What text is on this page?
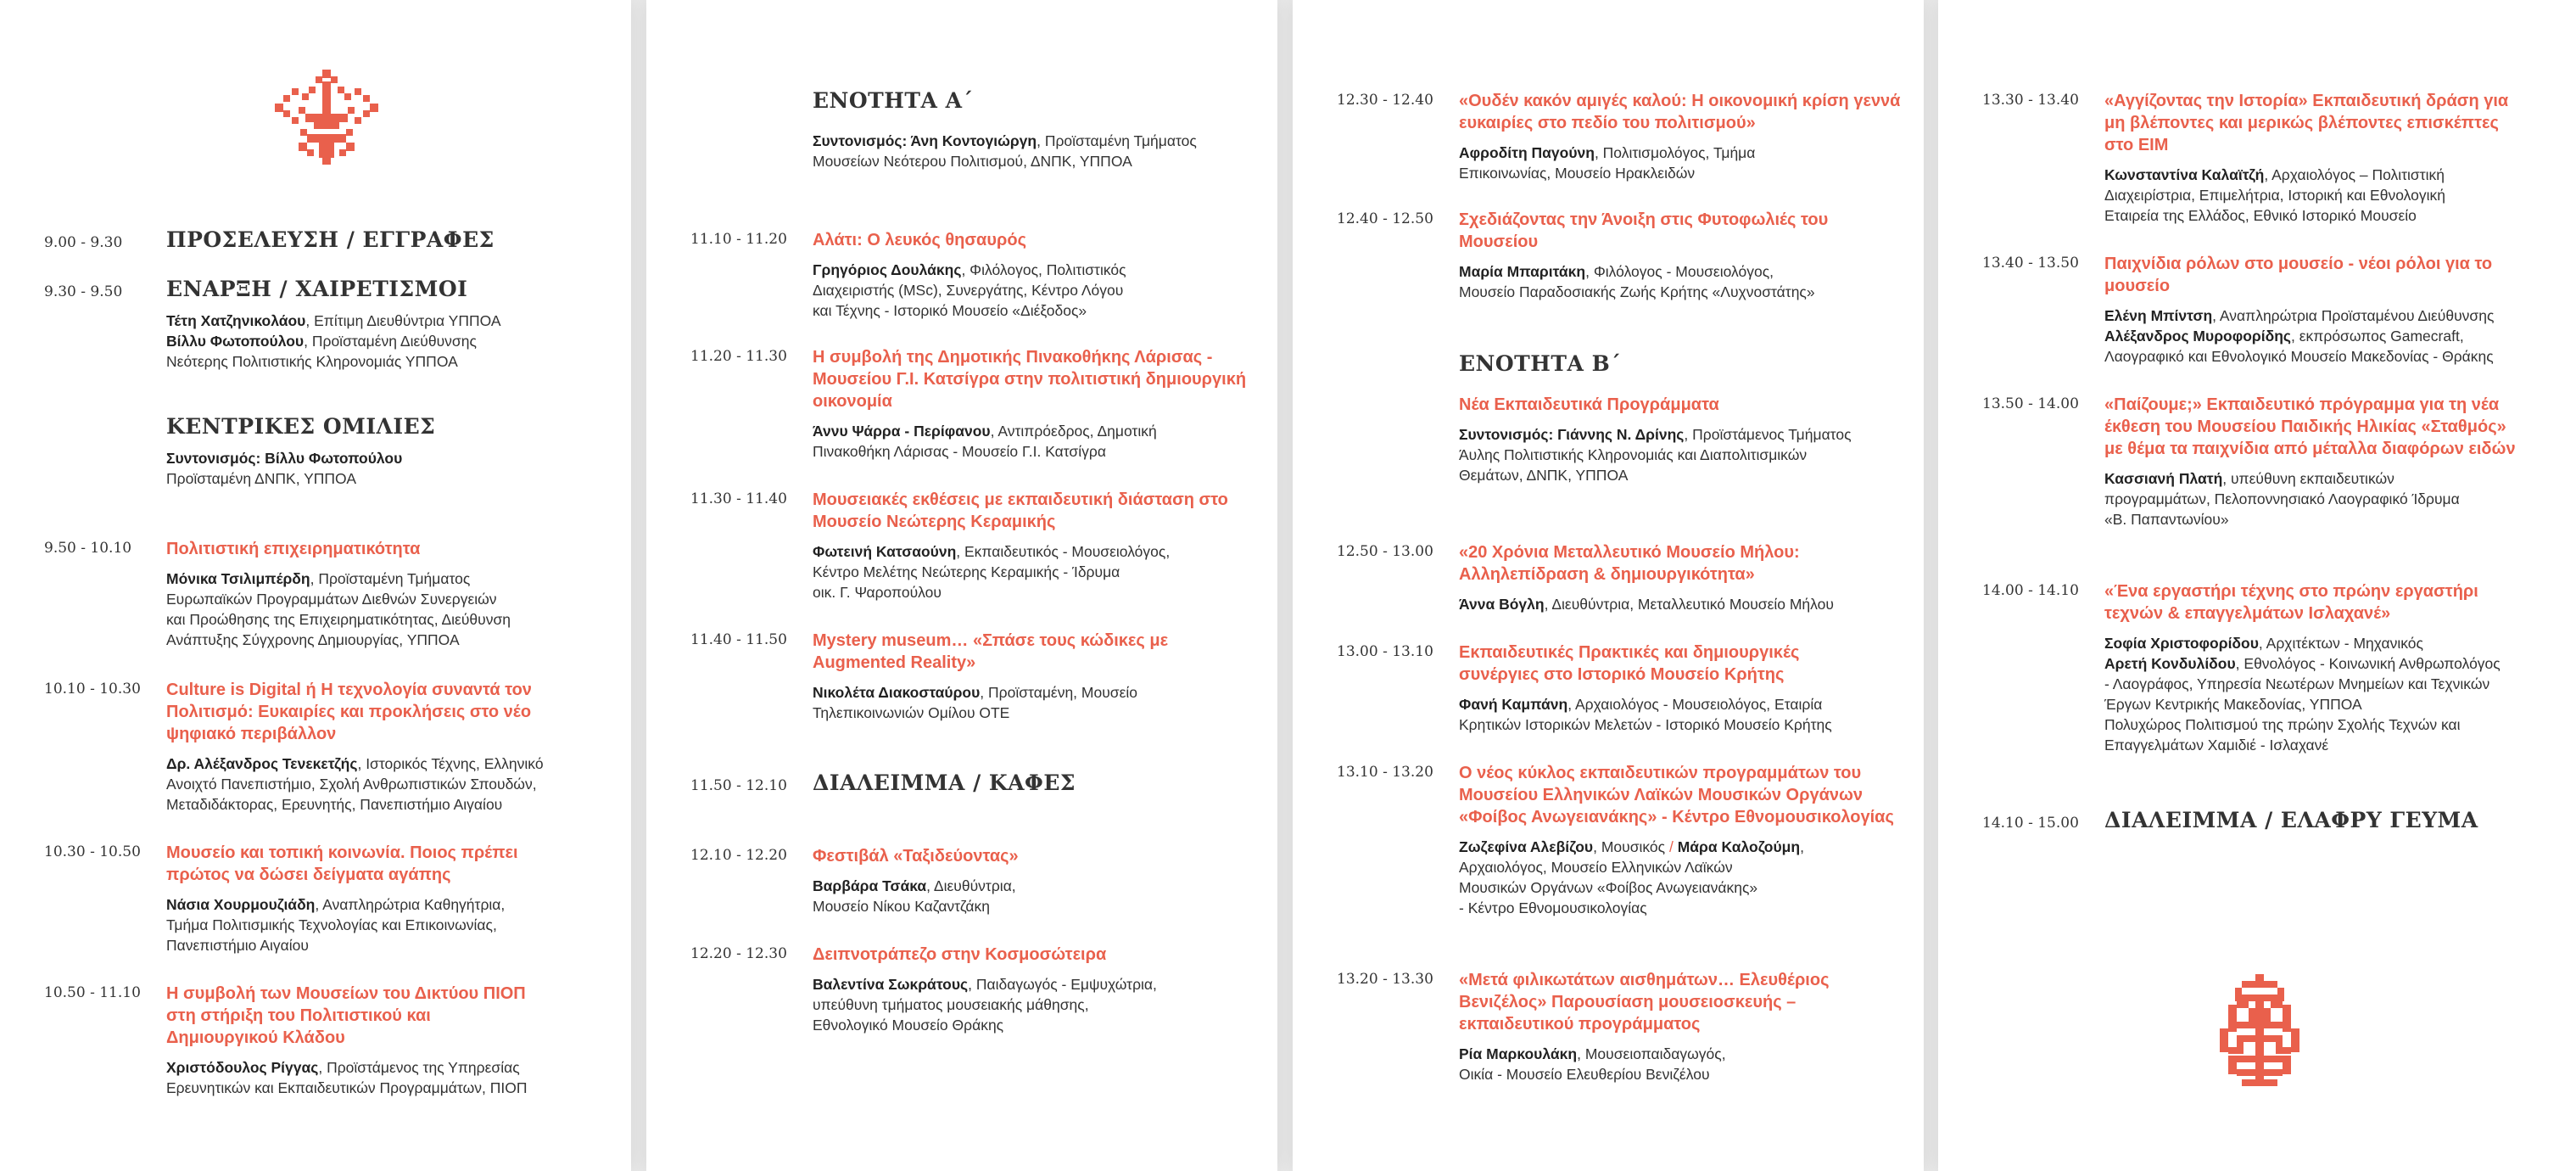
9.00 - 9.30	ΠΡΟΣΕΛΕΥΣΗ / ΕΓΓΡΑΦΕΣ
9.30 - 9.50	ΕΝΑΡΞΗ / ΧΑΙΡΕΤΙΣΜΟΙ

Τέτη Χατζηνικολάου, Επίτιμη Διευθύντρια ΥΠΠΟΑ
Βίλλυ Φωτοπούλου, Προϊσταμένη Διεύθυνσης
Νεότερης Πολιτιστικής Κληρονομιάς ΥΠΠΟΑ

ΚΕΝΤΡΙΚΕΣ ΟΜΙΛΙΕΣ

Συντονισμός: Βίλλυ Φωτοπούλου
Προϊσταμένη ΔΝΠΚ, ΥΠΠΟΑ

9.50 - 10.10	Πολιτιστική επιχειρηματικότητα

Μόνικα Τσιλιμπέρδη, Προϊσταμένη Τμήματος
Ευρωπαϊκών Προγραμμάτων Διεθνών Συνεργειών
και Προώθησης της Επιχειρηματικότητας, Διεύθυνση
Ανάπτυξης Σύγχρονης Δημιουργίας, ΥΠΠΟΑ

10.10 - 10.30	Culture is Digital ή Η τεχνολογία συναντά τον Πολιτισμό: Ευκαιρίες και προκλήσεις στο νέο ψηφιακό περιβάλλον

Δρ. Αλέξανδρος Τενεκετζής, Ιστορικός Τέχνης, Ελληνικό
Ανοιχτό Πανεπιστήμιο, Σχολή Ανθρωπιστικών Σπουδών,
Μεταδιδάκτορας, Ερευνητής, Πανεπιστήμιο Αιγαίου

10.30 - 10.50	Μουσείο και τοπική κοινωνία. Ποιος πρέπει πρώτος να δώσει δείγματα αγάπης

Νάσια Χουρμουζιάδη, Αναπληρώτρια Καθηγήτρια,
Τμήμα Πολιτισμικής Τεχνολογίας και Επικοινωνίας,
Πανεπιστήμιο Αιγαίου

10.50 - 11.10	Η συμβολή των Μουσείων του Δικτύου ΠΙΟΠ στη στήριξη του Πολιτιστικού και Δημιουργικού Κλάδου

Χριστόδουλος Ρίγγας, Προϊστάμενος της Υπηρεσίας
Ερευνητικών και Εκπαιδευτικών Προγραμμάτων, ΠΙΟΠ

ΕΝΟΤΗΤΑ Α΄

Συντονισμός: Άνη Κοντογιώργη, Προϊσταμένη Τμήματος
Μουσείων Νεότερου Πολιτισμού, ΔΝΠΚ, ΥΠΠΟΑ

11.10 - 11.20	Αλάτι: Ο λευκός θησαυρός

Γρηγόριος Δουλάκης, Φιλόλογος, Πολιτιστικός
Διαχειριστής (MSc), Συνεργάτης, Κέντρο Λόγου
και Τέχνης - Ιστορικό Μουσείο «Διέξοδος»

11.20 - 11.30	Η συμβολή της Δημοτικής Πινακοθήκης Λάρισας - Μουσείου Γ.Ι. Κατσίγρα στην πολιτιστική δημιουργική οικονομία

Άννυ Ψάρρα - Περίφανου, Αντιπρόεδρος, Δημοτική
Πινακοθήκη Λάρισας - Μουσείο Γ.Ι. Κατσίγρα

11.30 - 11.40	Μουσειακές εκθέσεις με εκπαιδευτική διάσταση στο Μουσείο Νεώτερης Κεραμικής

Φωτεινή Κατσαούνη, Εκπαιδευτικός - Μουσειολόγος,
Κέντρο Μελέτης Νεώτερης Κεραμικής - Ίδρυμα
οικ. Γ. Ψαροπούλου

11.40 - 11.50	Mystery museum… «Σπάσε τους κώδικες με Augmented Reality»

Νικολέτα Διακοσταύρου, Προϊσταμένη, Μουσείο
Τηλεπικοινωνιών Ομίλου ΟΤΕ

11.50 - 12.10	ΔΙΑΛΕΙΜΜΑ / ΚΑΦΕΣ
12.10 - 12.20	Φεστιβάλ «Ταξιδεύοντας»

Βαρβάρα Τσάκα, Διευθύντρια,
Μουσείο Νίκου Καζαντζάκη

12.20 - 12.30	Δειπνοτράπεζο στην Κοσμοσώτειρα

Βαλεντίνα Σωκράτους, Παιδαγωγός - Εμψυχώτρια,
υπεύθυνη τμήματος μουσειακής μάθησης,
Εθνολογικό Μουσείο Θράκης

12.30 - 12.40	«Ουδέν κακόν αμιγές καλού: Η οικονομική κρίση γεννά ευκαιρίες στο πεδίο του πολιτισμού»

Αφροδίτη Παγούνη, Πολιτισμολόγος, Τμήμα
Επικοινωνίας, Μουσείο Ηρακλειδών

12.40 - 12.50	Σχεδιάζοντας την Άνοιξη στις Φυτοφωλιές του Μουσείου

Μαρία Μπαριτάκη, Φιλόλογος - Μουσειολόγος,
Μουσείο Παραδοσιακής Ζωής Κρήτης «Λυχνοστάτης»

ΕΝΟΤΗΤΑ Β΄

Νέα Εκπαιδευτικά Προγράμματα

Συντονισμός: Γιάννης Ν. Δρίνης, Προϊστάμενος Τμήματος
Άυλης Πολιτιστικής Κληρονομιάς και Διαπολιτισμικών
Θεμάτων, ΔΝΠΚ, ΥΠΠΟΑ

12.50 - 13.00	«20 Χρόνια Μεταλλευτικό Μουσείο Μήλου: Αλληλεπίδραση & δημιουργικότητα»

Άννα Βόγλη, Διευθύντρια, Μεταλλευτικό Μουσείο Μήλου

13.00 - 13.10	Εκπαιδευτικές Πρακτικές και δημιουργικές συνέργιες στο Ιστορικό Μουσείο Κρήτης

Φανή Καμπάνη, Αρχαιολόγος - Μουσειολόγος, Εταιρία
Κρητικών Ιστορικών Μελετών - Ιστορικό Μουσείο Κρήτης

13.10 - 13.20	Ο νέος κύκλος εκπαιδευτικών προγραμμάτων του Μουσείου Ελληνικών Λαϊκών Μουσικών Οργάνων «Φοίβος Ανωγειανάκης» - Κέντρο Εθνομουσικολογίας

Ζωζεφίνα Αλεβίζου, Μουσικός / Μάρα Καλοζούμη,
Αρχαιολόγος, Μουσείο Ελληνικών Λαϊκών
Μουσικών Οργάνων «Φοίβος Ανωγειανάκης»
- Κέντρο Εθνομουσικολογίας

13.20 - 13.30	«Μετά φιλικωτάτων αισθημάτων… Ελευθέριος Βενιζέλος» Παρουσίαση μουσειοσκευής – εκπαιδευτικού προγράμματος

Ρία Μαρκουλάκη, Μουσειοπαιδαγωγός,
Οικία - Μουσείο Ελευθερίου Βενιζέλου

13.30 - 13.40	«Αγγίζοντας την Ιστορία» Εκπαιδευτική δράση για μη βλέποντες και μερικώς βλέποντες επισκέπτες στο ΕΙΜ

Κωνσταντίνα Καλαϊτζή, Αρχαιολόγος – Πολιτιστική
Διαχειρίστρια, Επιμελήτρια, Ιστορική και Εθνολογική
Εταιρεία της Ελλάδος, Εθνικό Ιστορικό Μουσείο

13.40 - 13.50	Παιχνίδια ρόλων στο μουσείο - νέοι ρόλοι για το μουσείο

Ελένη Μπίντση, Αναπληρώτρια Προϊσταμένου Διεύθυνσης
Αλέξανδρος Μυροφορίδης, εκπρόσωπος Gamecraft,
Λαογραφικό και Εθνολογικό Μουσείο Μακεδονίας - Θράκης

13.50 - 14.00	«Παίζουμε;» Εκπαιδευτικό πρόγραμμα για τη νέα έκθεση του Μουσείου Παιδικής Ηλικίας «Σταθμός» με θέμα τα παιχνίδια από μέταλλα διαφόρων ειδών

Κασσιανή Πλατή, υπεύθυνη εκπαιδευτικών
προγραμμάτων, Πελοποννησιακό Λαογραφικό Ίδρυμα
«Β. Παπαντωνίου»

14.00 - 14.10	«Ένα εργαστήρι τέχνης στο πρώην εργαστήρι τεχνών & επαγγελμάτων Ισλαχανέ»

Σοφία Χριστοφορίδου, Αρχιτέκτων - Μηχανικός
Αρετή Κονδυλίδου, Εθνολόγος - Κοινωνική Ανθρωπολόγος
- Λαογράφος, Υπηρεσία Νεωτέρων Μνημείων και Τεχνικών
Έργων Κεντρικής Μακεδονίας, ΥΠΠΟΑ
Πολυχώρος Πολιτισμού της πρώην Σχολής Τεχνών και
Επαγγελμάτων Χαμιδιέ - Ισλαχανέ

14.10 - 15.00	ΔΙΑΛΕΙΜΜΑ / ΕΛΑΦΡΥ ΓΕΥΜΑ
